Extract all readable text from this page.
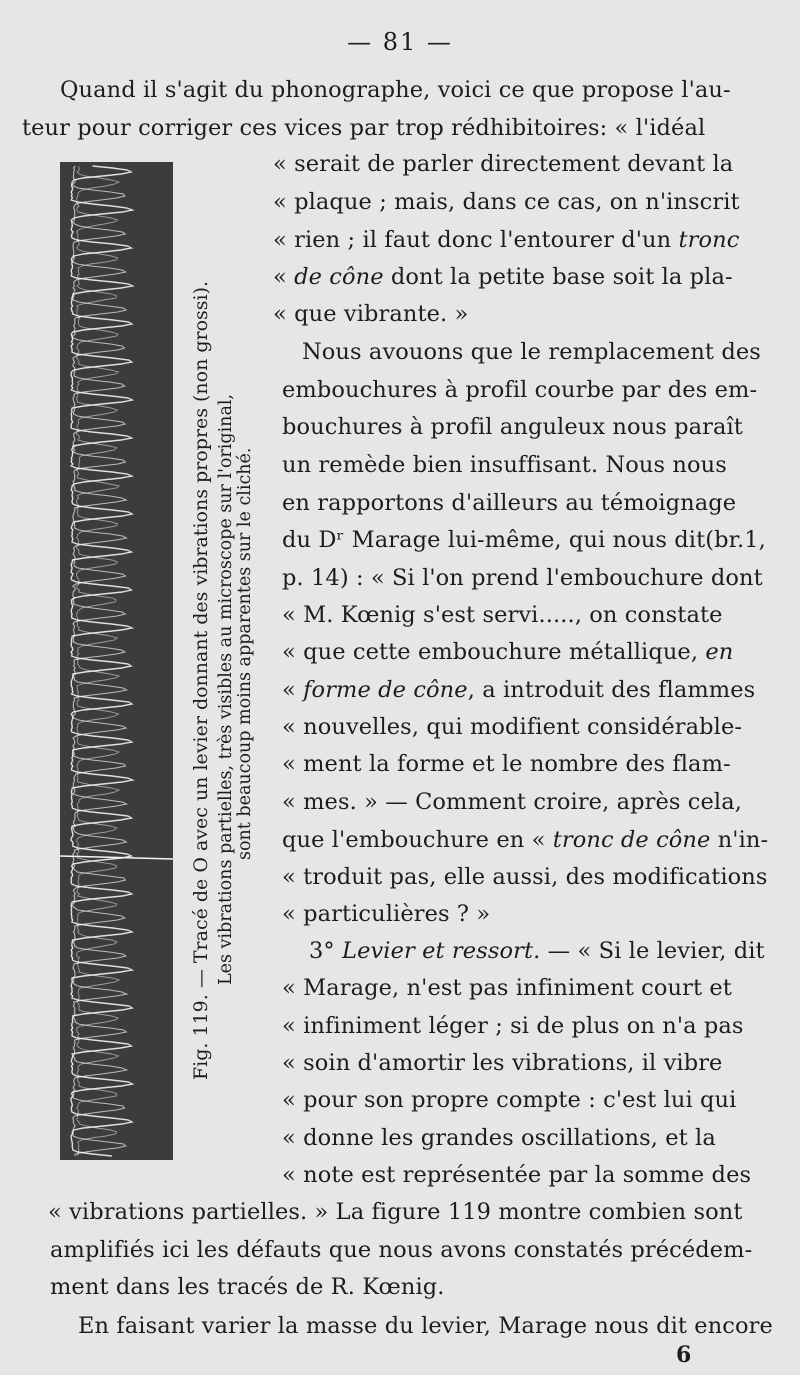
— 81 —
Fig. 119. — Tracé de O avec un levier donnant des vibrations propres (non grossi). Les vibrations partielles, très visibles au microscope sur l'original, sont beaucoup moins apparentes sur le cliché.
Quand il s'agit du phonographe, voici ce que propose l'au-
teur pour corriger ces vices par trop rédhibitoires: « l'idéal
« serait de parler directement devant la
« plaque ; mais, dans ce cas, on n'inscrit
« rien ; il faut donc l'entourer d'un tronc
« de cône dont la petite base soit la pla-
« que vibrante. »
Nous avouons que le remplacement des
embouchures à profil courbe par des em-
bouchures à profil anguleux nous paraît
un remède bien insuffisant. Nous nous
en rapportons d'ailleurs au témoignage
du Dʳ Marage lui-même, qui nous dit(br.1,
p. 14) : « Si l'on prend l'embouchure dont
« M. Kœnig s'est servi....., on constate
« que cette embouchure métallique, en
« forme de cône, a introduit des flammes
« nouvelles, qui modifient considérable-
« ment la forme et le nombre des flam-
« mes. » — Comment croire, après cela,
que l'embouchure en « tronc de cône n'in-
« troduit pas, elle aussi, des modifications
« particulières ? »
3° Levier et ressort. — « Si le levier, dit
« Marage, n'est pas infiniment court et
« infiniment léger ; si de plus on n'a pas
« soin d'amortir les vibrations, il vibre
« pour son propre compte : c'est lui qui
« donne les grandes oscillations, et la
« note est représentée par la somme des
« vibrations partielles. » La figure 119 montre combien sont
amplifiés ici les défauts que nous avons constatés précédem-
ment dans les tracés de R. Kœnig.
En faisant varier la masse du levier, Marage nous dit encore
6
